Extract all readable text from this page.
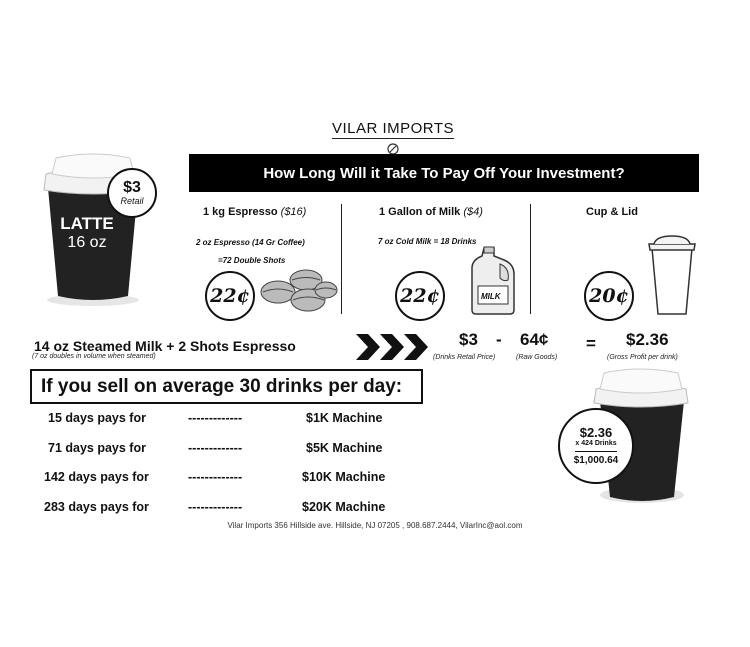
VILAR IMPORTS
LATTE
16 oz
$3
Retail
How Long Will it Take To Pay Off Your Investment?
1 kg Espresso ($16)
2 oz Espresso (14 Gr Coffee)
=72 Double Shots
22¢
1 Gallon of Milk ($4)
7 oz Cold Milk = 18 Drinks
22¢	MILK
Cup & Lid
20¢
14 oz Steamed Milk + 2 Shots Espresso
(7 oz doubles in volume when steamed)
$3 - 64¢
(Drinks Retail Price)	(Raw Goods)
= $2.36
(Gross Profit per drink)
If you sell on average 30 drinks per day:
15 days pays for	-------------	$1K Machine
71 days pays for	-------------	$5K Machine
142 days pays for	-------------	$10K Machine
283 days pays for	-------------	$20K Machine
$2.36
x 424 Drinks
$1,000.64
Vilar Imports 356 Hillside ave. Hillside, NJ 07205 , 908.687.2444, VilarInc@aol.com
